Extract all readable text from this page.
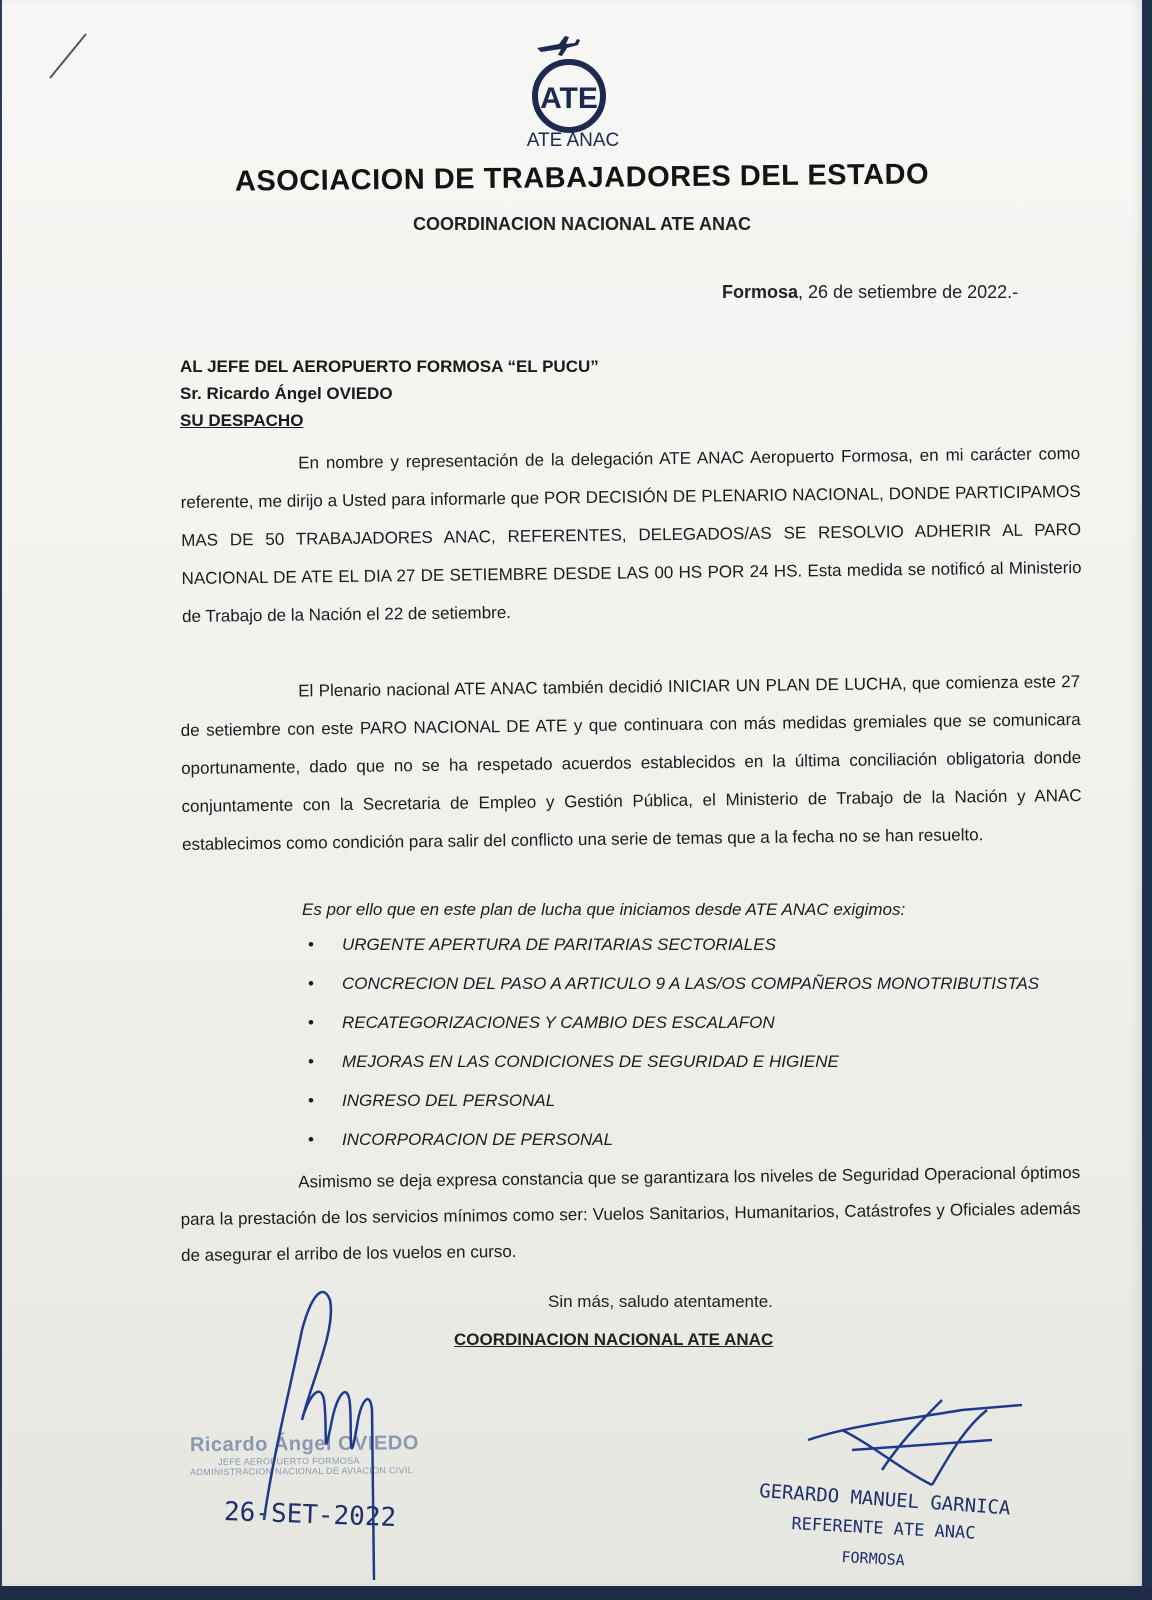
ATE
ATE ANAC
ASOCIACION DE TRABAJADORES DEL ESTADO
COORDINACION NACIONAL ATE ANAC
Formosa, 26 de setiembre de 2022.-
AL JEFE DEL AEROPUERTO FORMOSA “EL PUCU”
Sr. Ricardo Ángel OVIEDO
SU DESPACHO
En nombre y representación de la delegación ATE ANAC Aeropuerto Formosa, en mi carácter como referente, me dirijo a Usted para informarle que POR DECISIÓN DE PLENARIO NACIONAL, DONDE PARTICIPAMOS MAS DE 50 TRABAJADORES ANAC, REFERENTES, DELEGADOS/AS SE RESOLVIO ADHERIR AL PARO NACIONAL DE ATE EL DIA 27 DE SETIEMBRE DESDE LAS 00 HS POR 24 HS. Esta medida se notificó al Ministerio de Trabajo de la Nación el 22 de setiembre.
El Plenario nacional ATE ANAC también decidió INICIAR UN PLAN DE LUCHA, que comienza este 27 de setiembre con este PARO NACIONAL DE ATE y que continuara con más medidas gremiales que se comunicara oportunamente, dado que no se ha respetado acuerdos establecidos en la última conciliación obligatoria donde conjuntamente con la Secretaria de Empleo y Gestión Pública, el Ministerio de Trabajo de la Nación y ANAC establecimos como condición para salir del conflicto una serie de temas que a la fecha no se han resuelto.
Es por ello que en este plan de lucha que iniciamos desde ATE ANAC exigimos:
• URGENTE APERTURA DE PARITARIAS SECTORIALES
• CONCRECION DEL PASO A ARTICULO 9 A LAS/OS COMPAÑEROS MONOTRIBUTISTAS
• RECATEGORIZACIONES Y CAMBIO DES ESCALAFON
• MEJORAS EN LAS CONDICIONES DE SEGURIDAD E HIGIENE
• INGRESO DEL PERSONAL
• INCORPORACION DE PERSONAL
Asimismo se deja expresa constancia que se garantizara los niveles de Seguridad Operacional óptimos para la prestación de los servicios mínimos como ser: Vuelos Sanitarios, Humanitarios, Catástrofes y Oficiales además de asegurar el arribo de los vuelos en curso.
Sin más, saludo atentamente.
COORDINACION NACIONAL ATE ANAC
Ricardo Ángel OVIEDO
JEFE AEROPUERTO FORMOSA
ADMINISTRACION NACIONAL DE AVIACION CIVIL
26-SET-2022	GERARDO MANUEL GARNICA
REFERENTE ATE ANAC
FORMOSA
